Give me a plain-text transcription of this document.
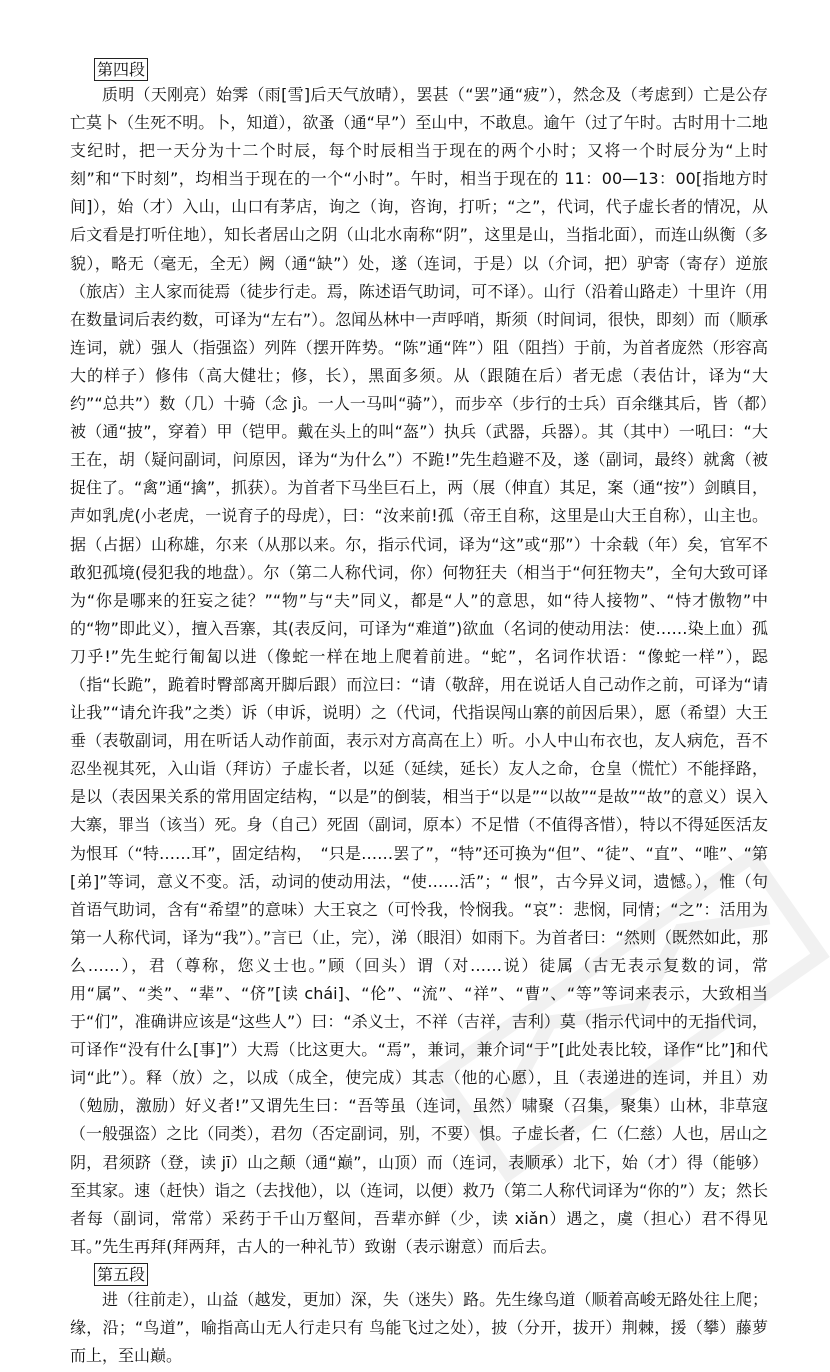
第四段

质明（天刚亮）始霁（雨[雪]后天气放晴），罢甚（“罢”通“疲”），然念及（考虑到）亡是公存亡莫卜（生死不明。卜，知道），欲蚤（通“早”）至山中，不敢息。逾午（过了午时。古时用十二地支纪时，把一天分为十二个时辰，每个时辰相当于现在的两个小时；又将一个时辰分为“上时刻”和“下时刻”，均相当于现在的一个“小时”。午时，相当于现在的 11：00—13：00[指地方时间]），始（才）入山，山口有茅店，询之（询，咨询，打听；“之”，代词，代子虚长者的情况，从后文看是打听住地），知长者居山之阴（山北水南称“阴”，这里是山，当指北面），而连山纵衡（多貌），略无（毫无，全无）阙（通“缺”）处，遂（连词，于是）以（介词，把）驴寄（寄存）逆旅（旅店）主人家而徒焉（徒步行走。焉，陈述语气助词，可不译）。山行（沿着山路走）十里许（用在数量词后表约数，可译为“左右”）。忽闻丛林中一声呼哨，斯须（时间词，很快，即刻）而（顺承连词，就）强人（指强盗）列阵（摆开阵势。“陈”通“阵”）阻（阻挡）于前，为首者庞然（形容高大的样子）修伟（高大健壮；修，长），黑面多须。从（跟随在后）者无虑（表估计，译为“大约”“总共”）数（几）十骑（念 jì。一人一马叫“骑”），而步卒（步行的士兵）百余继其后，皆（都）被（通“披”，穿着）甲（铠甲。戴在头上的叫“盔”）执兵（武器，兵器）。其（其中）一吼曰：“大王在，胡（疑问副词，问原因，译为“为什么”）不跪!”先生趋避不及，遂（副词，最终）就禽（被捉住了。“禽”通“擒”，抓获）。为首者下马坐巨石上，两（展（伸直）其足，案（通“按”）剑瞋目，声如乳虎(小老虎，一说育子的母虎），曰：“汝来前!孤（帝王自称，这里是山大王自称），山主也。据（占据）山称雄，尔来（从那以来。尔，指示代词，译为“这”或“那”）十余载（年）矣，官军不敢犯孤境(侵犯我的地盘）。尔（第二人称代词，你）何物狂夫（相当于“何狂物夫”，全句大致可译为“你是哪来的狂妄之徒？”“物”与“夫”同义，都是“人”的意思，如“待人接物”、“恃才傲物”中的“物”即此义），擅入吾寨，其(表反问，可译为“难道”)欲血（名词的使动用法：使……染上血）孤刀乎!”先生蛇行匍匐以进（像蛇一样在地上爬着前进。“蛇”，名词作状语：“像蛇一样”），跽（指“长跪”，跪着时臀部离开脚后跟）而泣曰：“请（敬辞，用在说话人自己动作之前，可译为“请让我”“请允许我”之类）诉（申诉，说明）之（代词，代指误闯山寨的前因后果），愿（希望）大王垂（表敬副词，用在听话人动作前面，表示对方高高在上）听。小人中山布衣也，友人病危，吾不忍坐视其死，入山诣（拜访）子虚长者，以延（延续，延长）友人之命，仓皇（慌忙）不能择路，是以（表因果关系的常用固定结构，“以是”的倒装，相当于“以是”“以故”“是故”“故”的意义）误入大寨，罪当（该当）死。身（自己）死固（副词，原本）不足惜（不值得吝惜），特以不得延医活友为恨耳（“特……耳”，固定结构，　“只是……罢了”，“特”还可换为“但”、“徒”、“直”、“唯”、“第[弟]”等词，意义不变。活，动词的使动用法，“使……活”；“ 恨”，古今异义词，遗憾。），惟（句首语气助词，含有“希望”的意味）大王哀之（可怜我，怜悯我。“哀”：悲悯，同情；“之”：活用为第一人称代词，译为“我”）。”言已（止，完），涕（眼泪）如雨下。为首者曰：“然则（既然如此，那么……），君（尊称，您义士也。”顾（回头）谓（对……说）徒属（古无表示复数的词，常用“属”、“类”、“辈”、“侪”[读 chái]、“伦”、“流”、“祥”、“曹”、“等”等词来表示，大致相当于“们”，准确讲应该是“这些人”）曰：“杀义士，不祥（吉祥，吉利）莫（指示代词中的无指代词，可译作“没有什么[事]”）大焉（比这更大。“焉”，兼词，兼介词“于”[此处表比较，译作“比”]和代词“此”）。释（放）之，以成（成全，使完成）其志（他的心愿），且（表递进的连词，并且）劝（勉励，激励）好义者!”又谓先生曰：“吾等虽（连词，虽然）啸聚（召集，聚集）山林，非草寇（一般强盗）之比（同类），君勿（否定副词，别，不要）惧。子虚长者，仁（仁慈）人也，居山之阴，君须跻（登，读 jī）山之颠（通“巅”，山顶）而（连词，表顺承）北下，始（才）得（能够）至其家。速（赶快）诣之（去找他），以（连词，以便）救乃（第二人称代词译为“你的”）友；然长者每（副词，常常）采药于千山万壑间，吾辈亦鲜（少，读 xiǎn）遇之，虞（担心）君不得见耳。”先生再拜(拜两拜，古人的一种礼节）致谢（表示谢意）而后去。

第五段

进（往前走），山益（越发，更加）深，失（迷失）路。先生缘鸟道（顺着高峻无路处往上爬；缘，沿；“鸟道”，喻指高山无人行走只有 鸟能飞过之处），披（分开，拔开）荆棘，援（攀）藤萝而上，至山巅。
